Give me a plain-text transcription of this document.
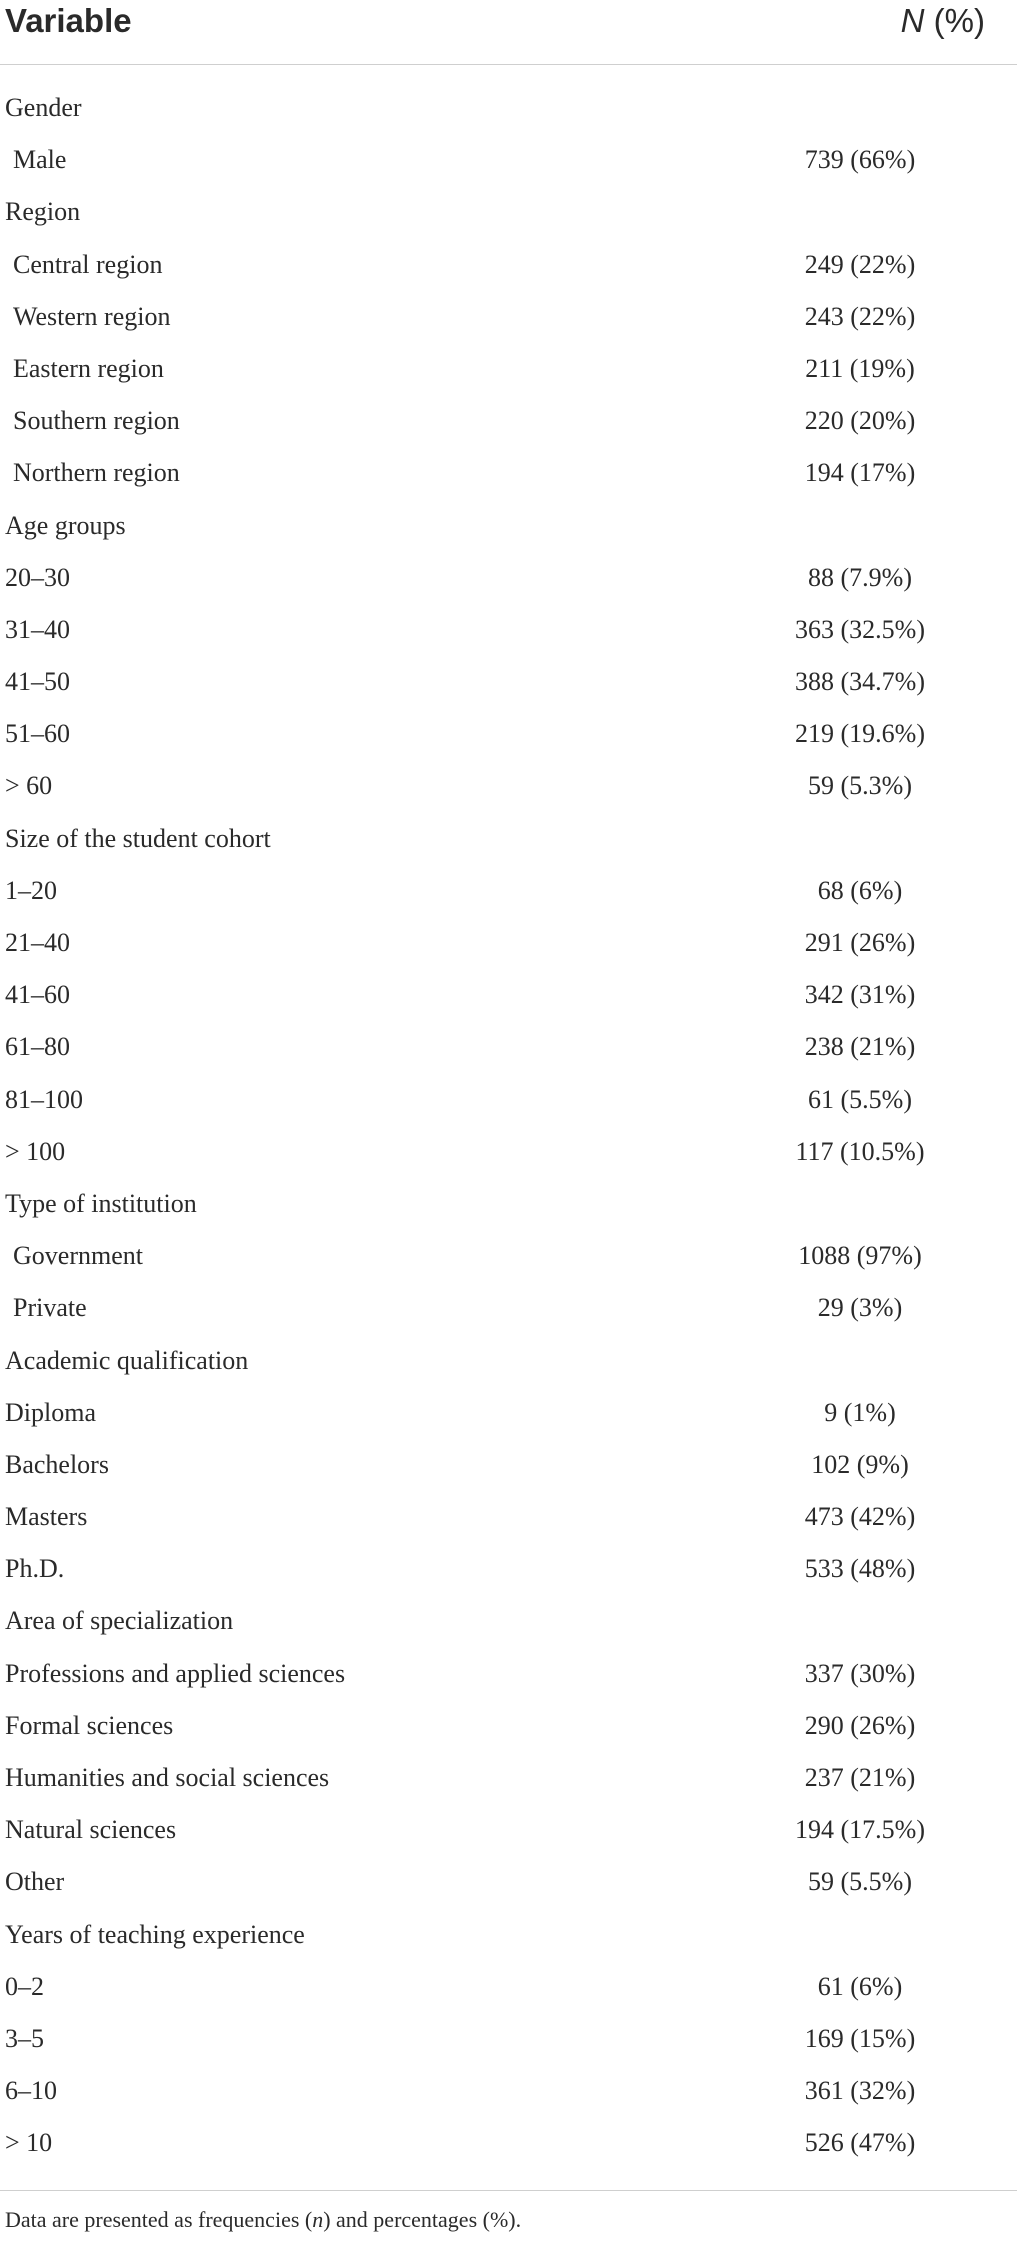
Variable	N (%)
Gender
Male	739 (66%)
Region
Central region	249 (22%)
Western region	243 (22%)
Eastern region	211 (19%)
Southern region	220 (20%)
Northern region	194 (17%)
Age groups
20–30	88 (7.9%)
31–40	363 (32.5%)
41–50	388 (34.7%)
51–60	219 (19.6%)
> 60	59 (5.3%)
Size of the student cohort
1–20	68 (6%)
21–40	291 (26%)
41–60	342 (31%)
61–80	238 (21%)
81–100	61 (5.5%)
> 100	117 (10.5%)
Type of institution
Government	1088 (97%)
Private	29 (3%)
Academic qualification
Diploma	9 (1%)
Bachelors	102 (9%)
Masters	473 (42%)
Ph.D.	533 (48%)
Area of specialization
Professions and applied sciences	337 (30%)
Formal sciences	290 (26%)
Humanities and social sciences	237 (21%)
Natural sciences	194 (17.5%)
Other	59 (5.5%)
Years of teaching experience
0–2	61 (6%)
3–5	169 (15%)
6–10	361 (32%)
> 10	526 (47%)
Data are presented as frequencies (n) and percentages (%).
